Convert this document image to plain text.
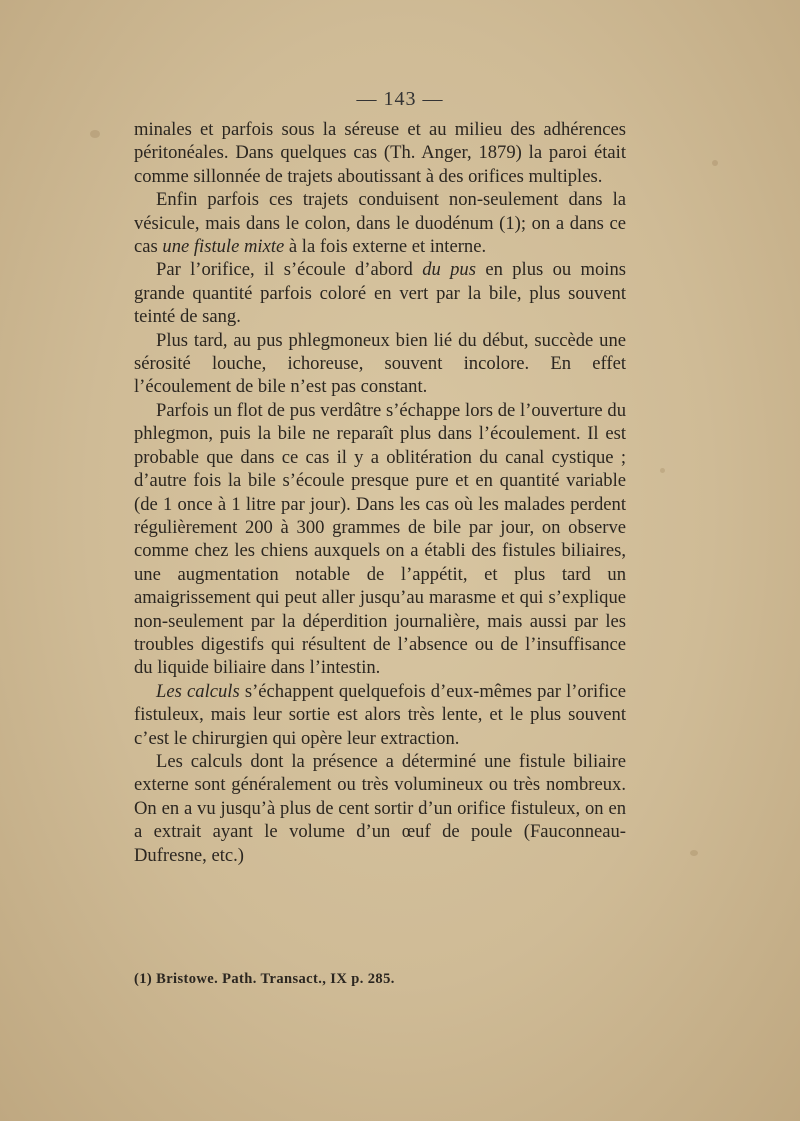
— 143 —

minales et parfois sous la séreuse et au milieu des adhérences péritonéales. Dans quelques cas (Th. Anger, 1879) la paroi était comme sillonnée de trajets aboutissant à des orifices multiples.

Enfin parfois ces trajets conduisent non-seulement dans la vésicule, mais dans le colon, dans le duodénum (1); on a dans ce cas une fistule mixte à la fois externe et interne.

Par l’orifice, il s’écoule d’abord du pus en plus ou moins grande quantité parfois coloré en vert par la bile, plus souvent teinté de sang.

Plus tard, au pus phlegmoneux bien lié du début, succède une sérosité louche, ichoreuse, souvent incolore. En effet l’écoulement de bile n’est pas constant.

Parfois un flot de pus verdâtre s’échappe lors de l’ouverture du phlegmon, puis la bile ne reparaît plus dans l’écoulement. Il est probable que dans ce cas il y a oblitération du canal cystique ; d’autre fois la bile s’écoule presque pure et en quantité variable (de 1 once à 1 litre par jour). Dans les cas où les malades perdent régulièrement 200 à 300 grammes de bile par jour, on observe comme chez les chiens auxquels on a établi des fistules biliaires, une augmentation notable de l’appétit, et plus tard un amaigrissement qui peut aller jusqu’au marasme et qui s’explique non-seulement par la déperdition journalière, mais aussi par les troubles digestifs qui résultent de l’absence ou de l’insuffisance du liquide biliaire dans l’intestin.

Les calculs s’échappent quelquefois d’eux-mêmes par l’orifice fistuleux, mais leur sortie est alors très lente, et le plus souvent c’est le chirurgien qui opère leur extraction.

Les calculs dont la présence a déterminé une fistule biliaire externe sont généralement ou très volumineux ou très nombreux. On en a vu jusqu’à plus de cent sortir d’un orifice fistuleux, on en a extrait ayant le volume d’un œuf de poule (Fauconneau-Dufresne, etc.)

(1) Bristowe. Path. Transact., IX p. 285.
